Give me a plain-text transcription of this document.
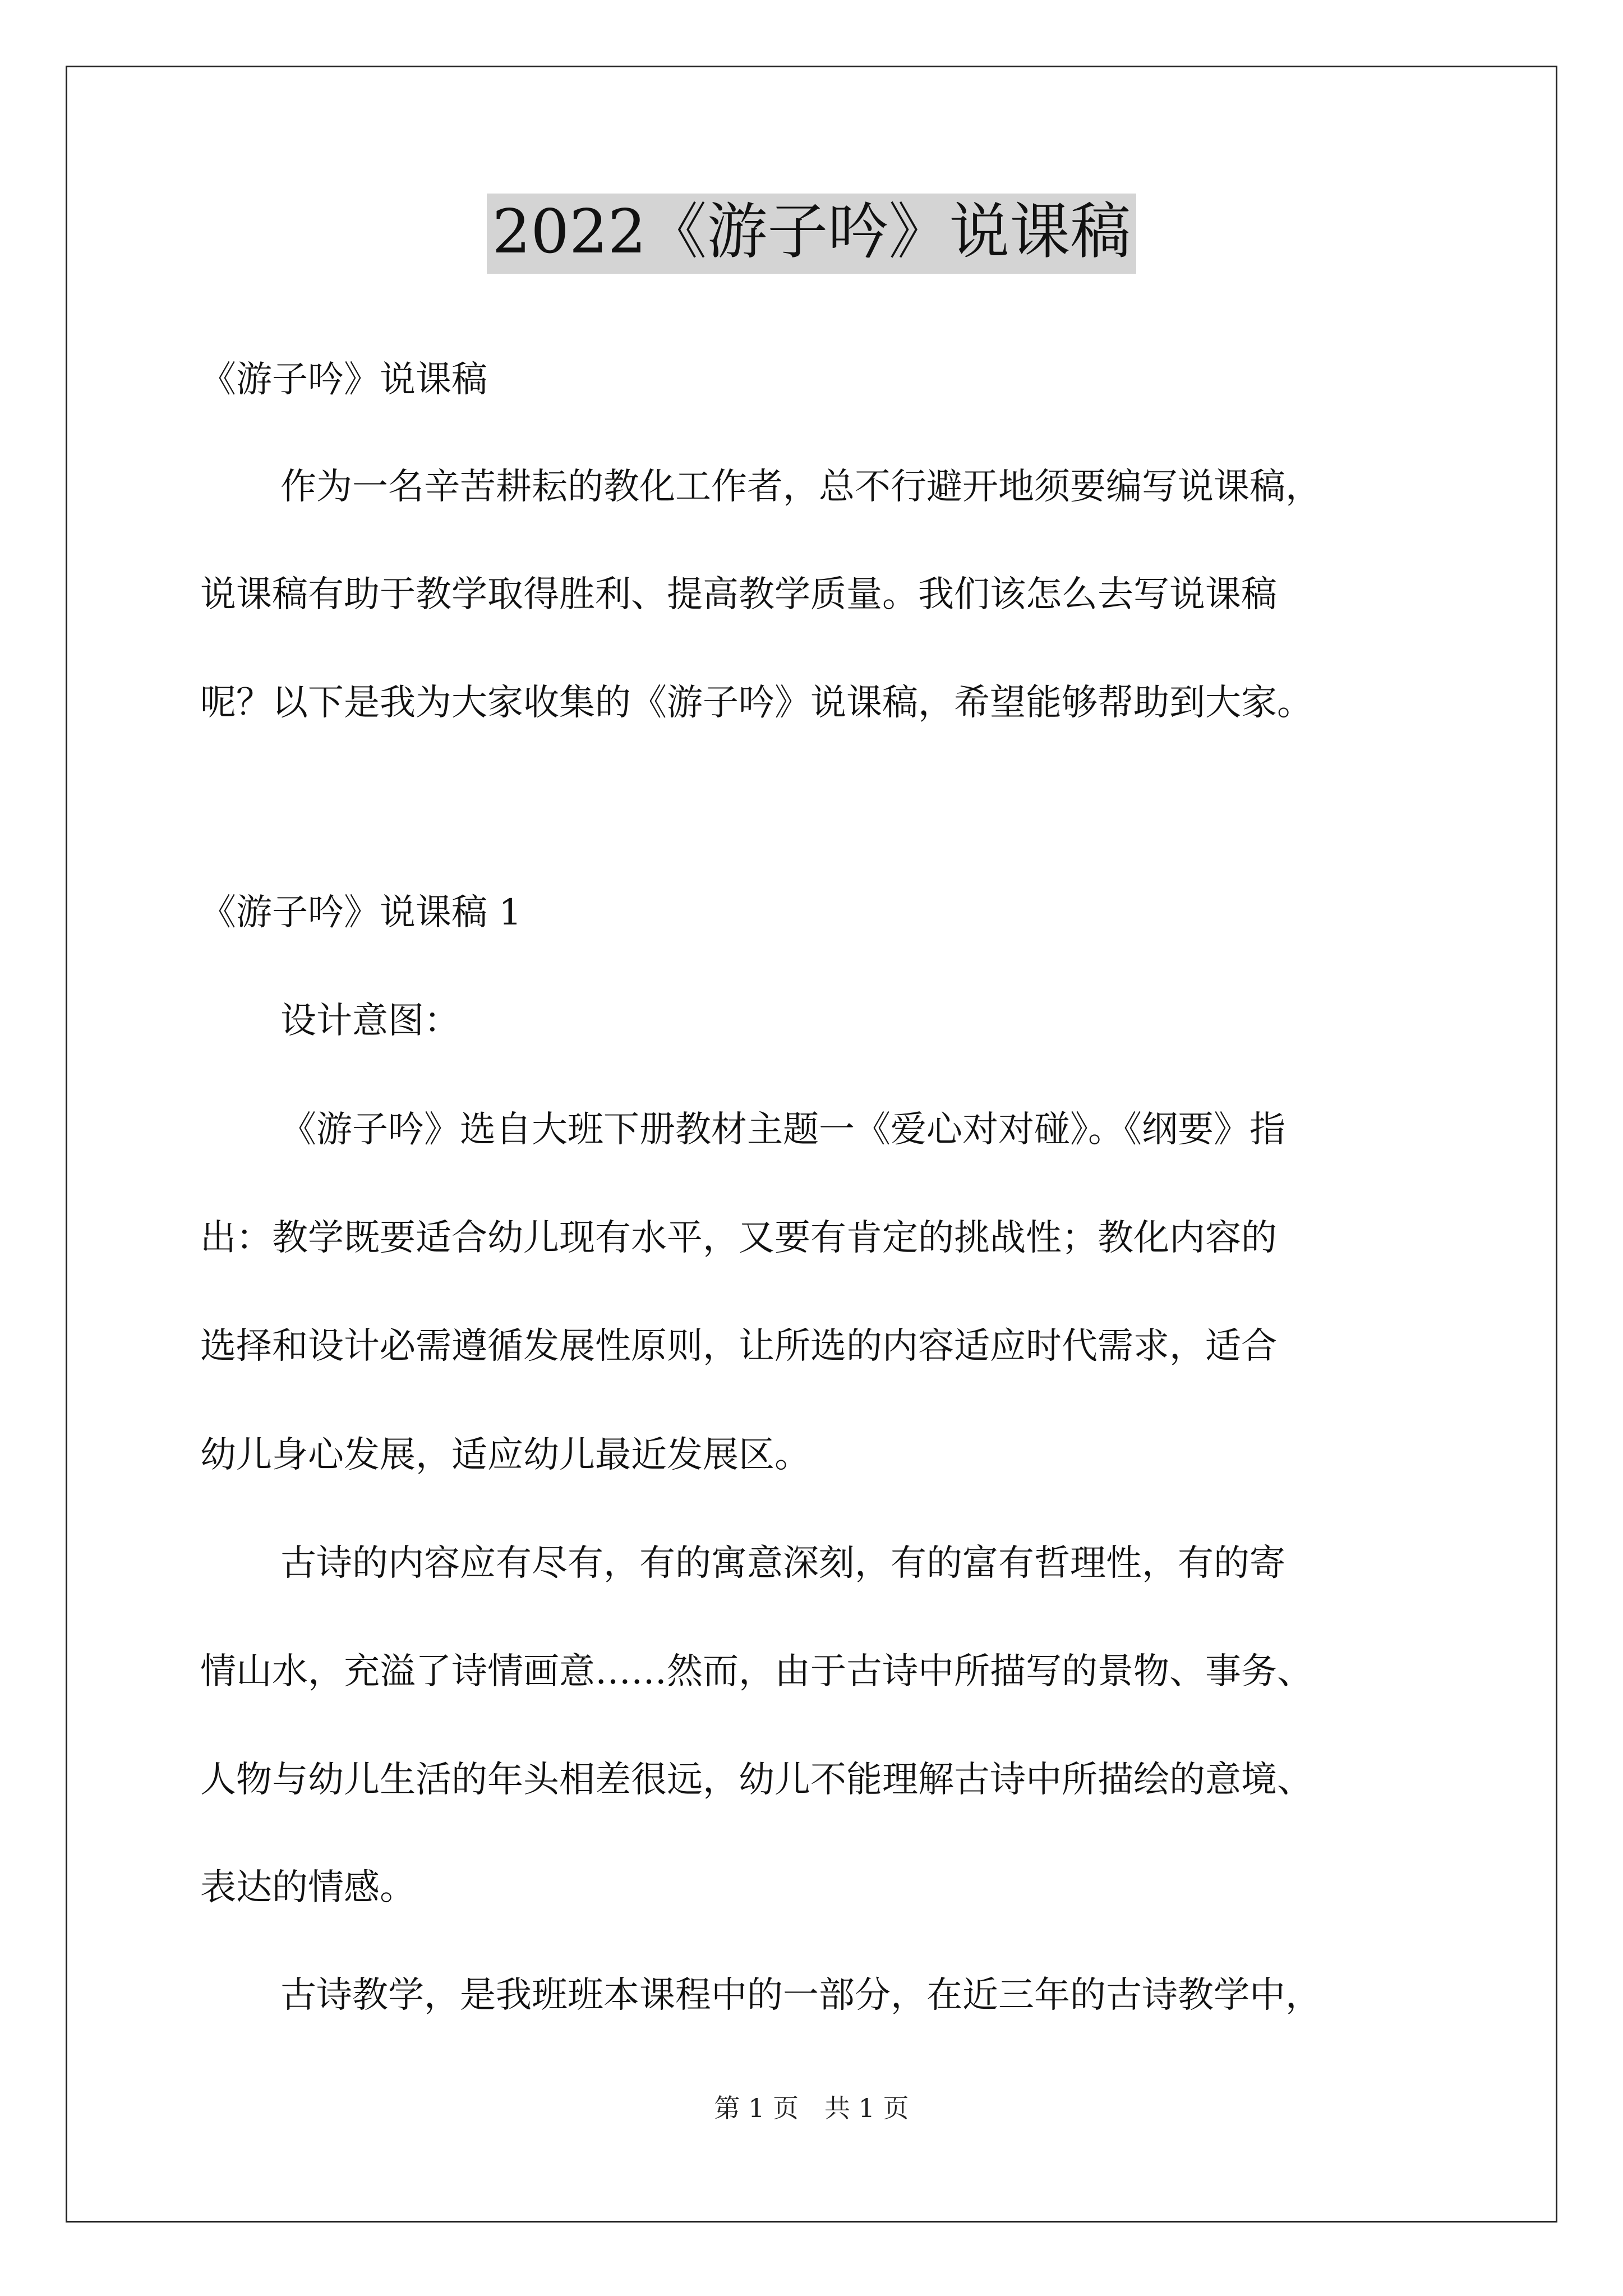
2022《游子吟》说课稿
《游子吟》说课稿
作为一名辛苦耕耘的教化工作者，总不行避开地须要编写说课稿，
说课稿有助于教学取得胜利、提高教学质量。我们该怎么去写说课稿
呢？以下是我为大家收集的《游子吟》说课稿，希望能够帮助到大家。
《游子吟》说课稿 1
设计意图：
《游子吟》选自大班下册教材主题一《爱心对对碰》。《纲要》指
出：教学既要适合幼儿现有水平，又要有肯定的挑战性；教化内容的
选择和设计必需遵循发展性原则，让所选的内容适应时代需求，适合
幼儿身心发展，适应幼儿最近发展区。
古诗的内容应有尽有，有的寓意深刻，有的富有哲理性，有的寄
情山水，充溢了诗情画意……然而，由于古诗中所描写的景物、事务、
人物与幼儿生活的年头相差很远，幼儿不能理解古诗中所描绘的意境、
表达的情感。
古诗教学，是我班班本课程中的一部分，在近三年的古诗教学中，
第 1 页　共 1 页
